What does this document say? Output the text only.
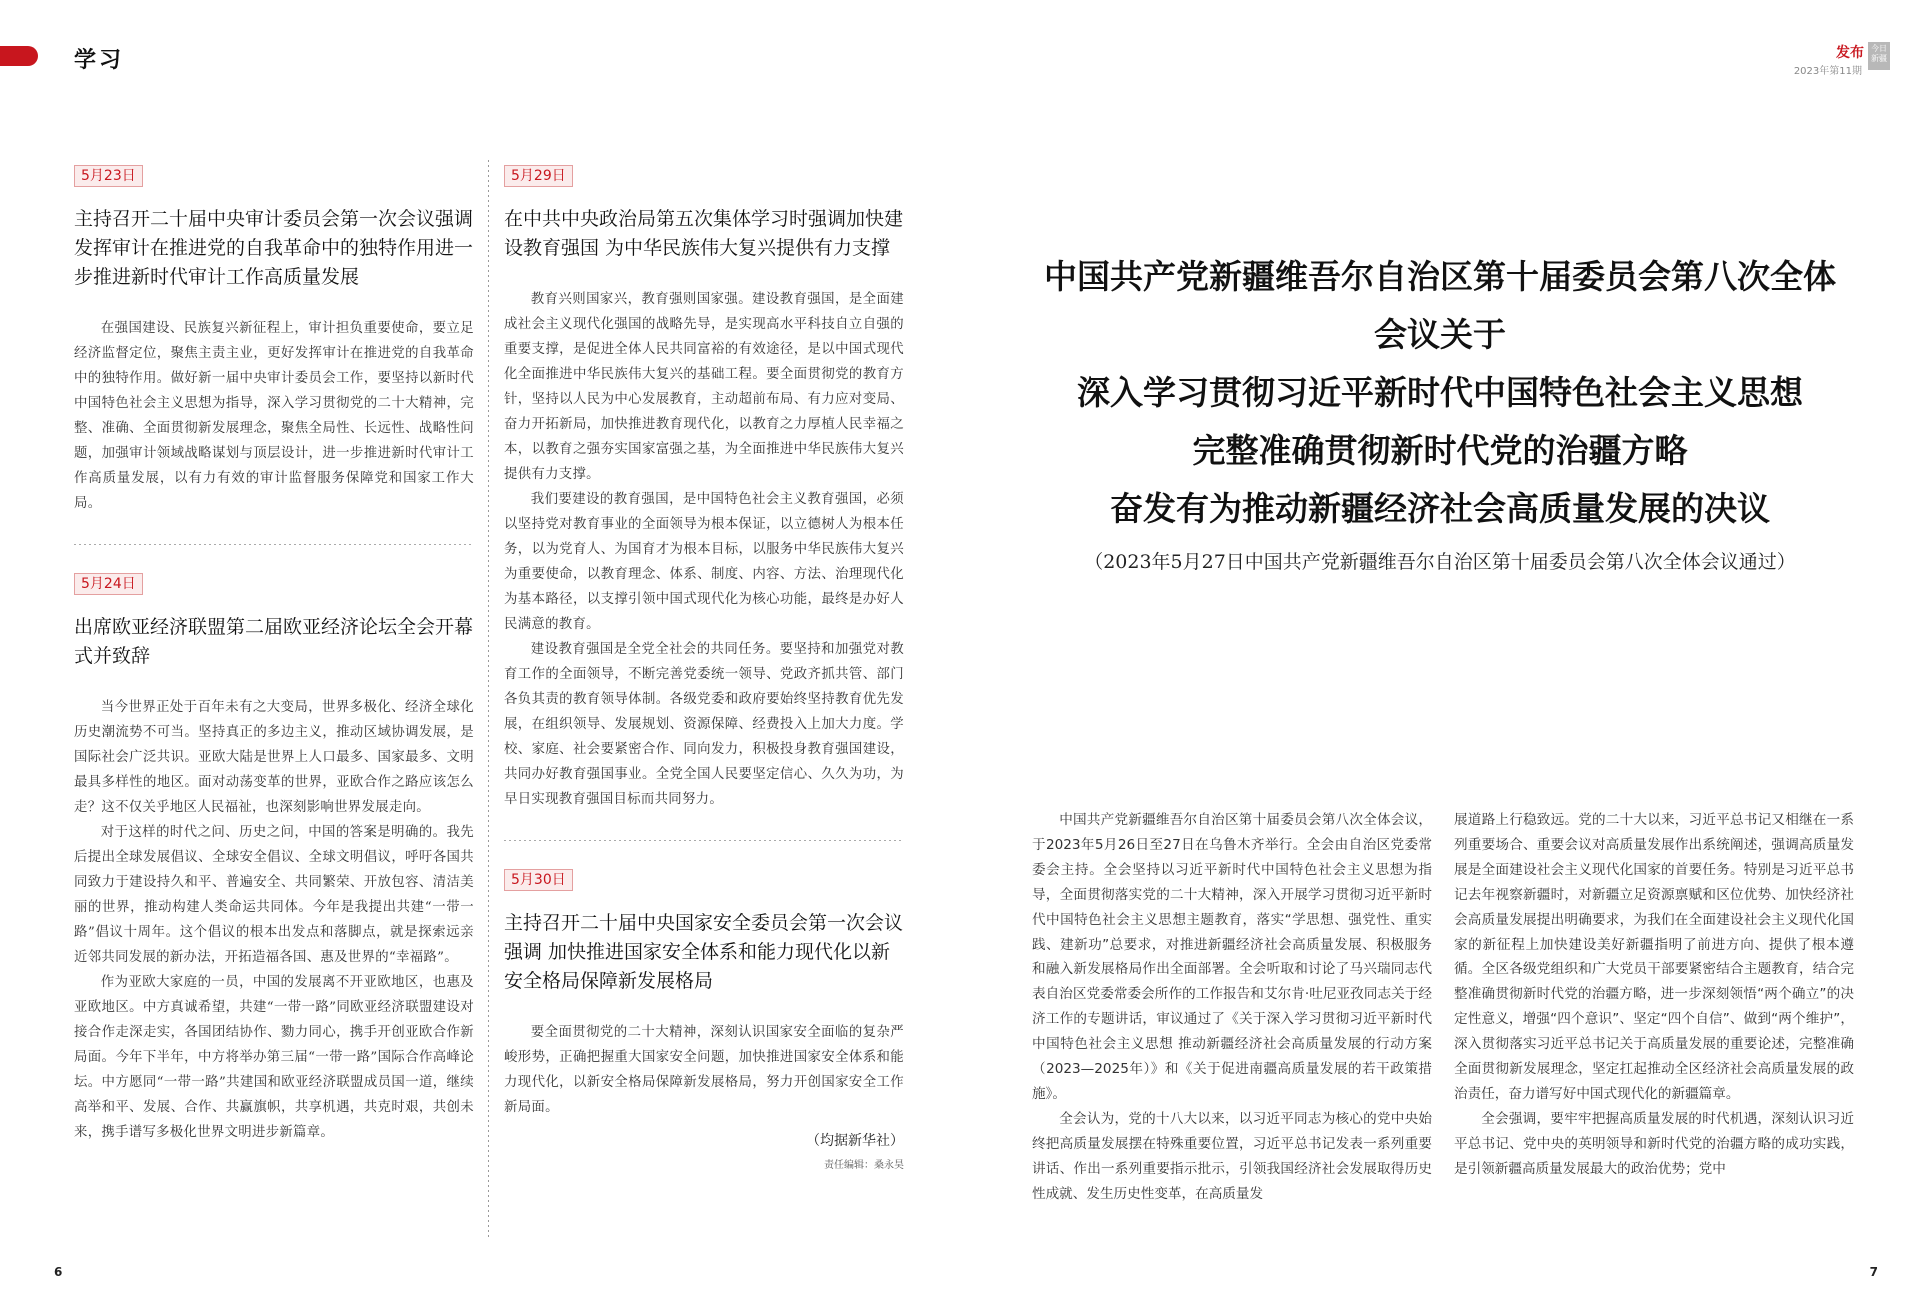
学习
5月23日
主持召开二十届中央审计委员会第一次会议强调发挥审计在推进党的自我革命中的独特作用进一步推进新时代审计工作高质量发展

在强国建设、民族复兴新征程上，审计担负重要使命，要立足经济监督定位，聚焦主责主业，更好发挥审计在推进党的自我革命中的独特作用。做好新一届中央审计委员会工作，要坚持以新时代中国特色社会主义思想为指导，深入学习贯彻党的二十大精神，完整、准确、全面贯彻新发展理念，聚焦全局性、长远性、战略性问题，加强审计领域战略谋划与顶层设计，进一步推进新时代审计工作高质量发展，以有力有效的审计监督服务保障党和国家工作大局。

5月24日
出席欧亚经济联盟第二届欧亚经济论坛全会开幕式并致辞

当今世界正处于百年未有之大变局，世界多极化、经济全球化历史潮流势不可当。坚持真正的多边主义，推动区域协调发展，是国际社会广泛共识。亚欧大陆是世界上人口最多、国家最多、文明最具多样性的地区。面对动荡变革的世界，亚欧合作之路应该怎么走？这不仅关乎地区人民福祉，也深刻影响世界发展走向。

对于这样的时代之问、历史之问，中国的答案是明确的。我先后提出全球发展倡议、全球安全倡议、全球文明倡议，呼吁各国共同致力于建设持久和平、普遍安全、共同繁荣、开放包容、清洁美丽的世界，推动构建人类命运共同体。今年是我提出共建“一带一路”倡议十周年。这个倡议的根本出发点和落脚点，就是探索远亲近邻共同发展的新办法，开拓造福各国、惠及世界的“幸福路”。

作为亚欧大家庭的一员，中国的发展离不开亚欧地区，也惠及亚欧地区。中方真诚希望，共建“一带一路”同欧亚经济联盟建设对接合作走深走实，各国团结协作、勠力同心，携手开创亚欧合作新局面。今年下半年，中方将举办第三届“一带一路”国际合作高峰论坛。中方愿同“一带一路”共建国和欧亚经济联盟成员国一道，继续高举和平、发展、合作、共赢旗帜，共享机遇，共克时艰，共创未来，携手谱写多极化世界文明进步新篇章。

5月29日
在中共中央政治局第五次集体学习时强调加快建设教育强国 为中华民族伟大复兴提供有力支撑

教育兴则国家兴，教育强则国家强。建设教育强国，是全面建成社会主义现代化强国的战略先导，是实现高水平科技自立自强的重要支撑，是促进全体人民共同富裕的有效途径，是以中国式现代化全面推进中华民族伟大复兴的基础工程。要全面贯彻党的教育方针，坚持以人民为中心发展教育，主动超前布局、有力应对变局、奋力开拓新局，加快推进教育现代化，以教育之力厚植人民幸福之本，以教育之强夯实国家富强之基，为全面推进中华民族伟大复兴提供有力支撑。

我们要建设的教育强国，是中国特色社会主义教育强国，必须以坚持党对教育事业的全面领导为根本保证，以立德树人为根本任务，以为党育人、为国育才为根本目标，以服务中华民族伟大复兴为重要使命，以教育理念、体系、制度、内容、方法、治理现代化为基本路径，以支撑引领中国式现代化为核心功能，最终是办好人民满意的教育。

建设教育强国是全党全社会的共同任务。要坚持和加强党对教育工作的全面领导，不断完善党委统一领导、党政齐抓共管、部门各负其责的教育领导体制。各级党委和政府要始终坚持教育优先发展，在组织领导、发展规划、资源保障、经费投入上加大力度。学校、家庭、社会要紧密合作、同向发力，积极投身教育强国建设，共同办好教育强国事业。全党全国人民要坚定信心、久久为功，为早日实现教育强国目标而共同努力。

5月30日
主持召开二十届中央国家安全委员会第一次会议强调 加快推进国家安全体系和能力现代化以新安全格局保障新发展格局

要全面贯彻党的二十大精神，深刻认识国家安全面临的复杂严峻形势，正确把握重大国家安全问题，加快推进国家安全体系和能力现代化，以新安全格局保障新发展格局，努力开创国家安全工作新局面。

（均据新华社）
责任编辑：桑永昊
6
发布 今日新疆
2023年第11期
中国共产党新疆维吾尔自治区第十届委员会第八次全体会议关于
深入学习贯彻习近平新时代中国特色社会主义思想
完整准确贯彻新时代党的治疆方略
奋发有为推动新疆经济社会高质量发展的决议
（2023年5月27日中国共产党新疆维吾尔自治区第十届委员会第八次全体会议通过）

中国共产党新疆维吾尔自治区第十届委员会第八次全体会议，于2023年5月26日至27日在乌鲁木齐举行。全会由自治区党委常委会主持。全会坚持以习近平新时代中国特色社会主义思想为指导，全面贯彻落实党的二十大精神，深入开展学习贯彻习近平新时代中国特色社会主义思想主题教育，落实“学思想、强党性、重实践、建新功”总要求，对推进新疆经济社会高质量发展、积极服务和融入新发展格局作出全面部署。全会听取和讨论了马兴瑞同志代表自治区党委常委会所作的工作报告和艾尔肯·吐尼亚孜同志关于经济工作的专题讲话，审议通过了《关于深入学习贯彻习近平新时代中国特色社会主义思想 推动新疆经济社会高质量发展的行动方案（2023—2025年）》和《关于促进南疆高质量发展的若干政策措施》。

全会认为，党的十八大以来，以习近平同志为核心的党中央始终把高质量发展摆在特殊重要位置，习近平总书记发表一系列重要讲话、作出一系列重要指示批示，引领我国经济社会发展取得历史性成就、发生历史性变革，在高质量发

展道路上行稳致远。党的二十大以来，习近平总书记又相继在一系列重要场合、重要会议对高质量发展作出系统阐述，强调高质量发展是全面建设社会主义现代化国家的首要任务。特别是习近平总书记去年视察新疆时，对新疆立足资源禀赋和区位优势、加快经济社会高质量发展提出明确要求，为我们在全面建设社会主义现代化国家的新征程上加快建设美好新疆指明了前进方向、提供了根本遵循。全区各级党组织和广大党员干部要紧密结合主题教育，结合完整准确贯彻新时代党的治疆方略，进一步深刻领悟“两个确立”的决定性意义，增强“四个意识”、坚定“四个自信”、做到“两个维护”，深入贯彻落实习近平总书记关于高质量发展的重要论述，完整准确全面贯彻新发展理念，坚定扛起推动全区经济社会高质量发展的政治责任，奋力谱写好中国式现代化的新疆篇章。

全会强调，要牢牢把握高质量发展的时代机遇，深刻认识习近平总书记、党中央的英明领导和新时代党的治疆方略的成功实践，是引领新疆高质量发展最大的政治优势；党中

7
